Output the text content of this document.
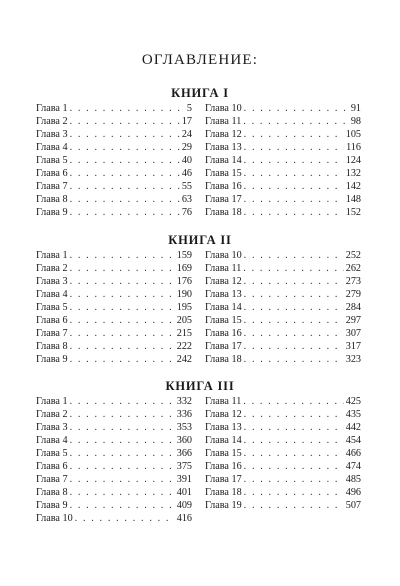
ОГЛАВЛЕНИЕ:
КНИГА I
Глава 1 . . .	5
Глава 2 . . .	17
Глава 3 . . .	24
Глава 4 . . .	29
Глава 5 . . .	40
Глава 6 . . .	46
Глава 7 . . .	55
Глава 8 . . .	63
Глава 9 . . .	76
Глава 10 . . .	91
Глава 11 . . .	98
Глава 12 . . .	105
Глава 13 . . .	116
Глава 14 . . .	124
Глава 15 . . .	132
Глава 16 . . .	142
Глава 17 . . .	148
Глава 18 . . .	152
КНИГА II
Глава 1 . . .	159
Глава 2 . . .	169
Глава 3 . . .	176
Глава 4 . . .	190
Глава 5 . . .	195
Глава 6 . . .	205
Глава 7 . . .	215
Глава 8 . . .	222
Глава 9 . . .	242
Глава 10 . . .	252
Глава 11 . . .	262
Глава 12 . . .	273
Глава 13 . . .	279
Глава 14 . . .	284
Глава 15 . . .	297
Глава 16 . . .	307
Глава 17 . . .	317
Глава 18 . . .	323
КНИГА III
Глава 1 . . .	332
Глава 2 . . .	336
Глава 3 . . .	353
Глава 4 . . .	360
Глава 5 . . .	366
Глава 6 . . .	375
Глава 7 . . .	391
Глава 8 . . .	401
Глава 9 . . .	409
Глава 10 . . .	416
Глава 11 . . .	425
Глава 12 . . .	435
Глава 13 . . .	442
Глава 14 . . .	454
Глава 15 . . .	466
Глава 16 . . .	474
Глава 17 . . .	485
Глава 18 . . .	496
Глава 19 . . .	507
